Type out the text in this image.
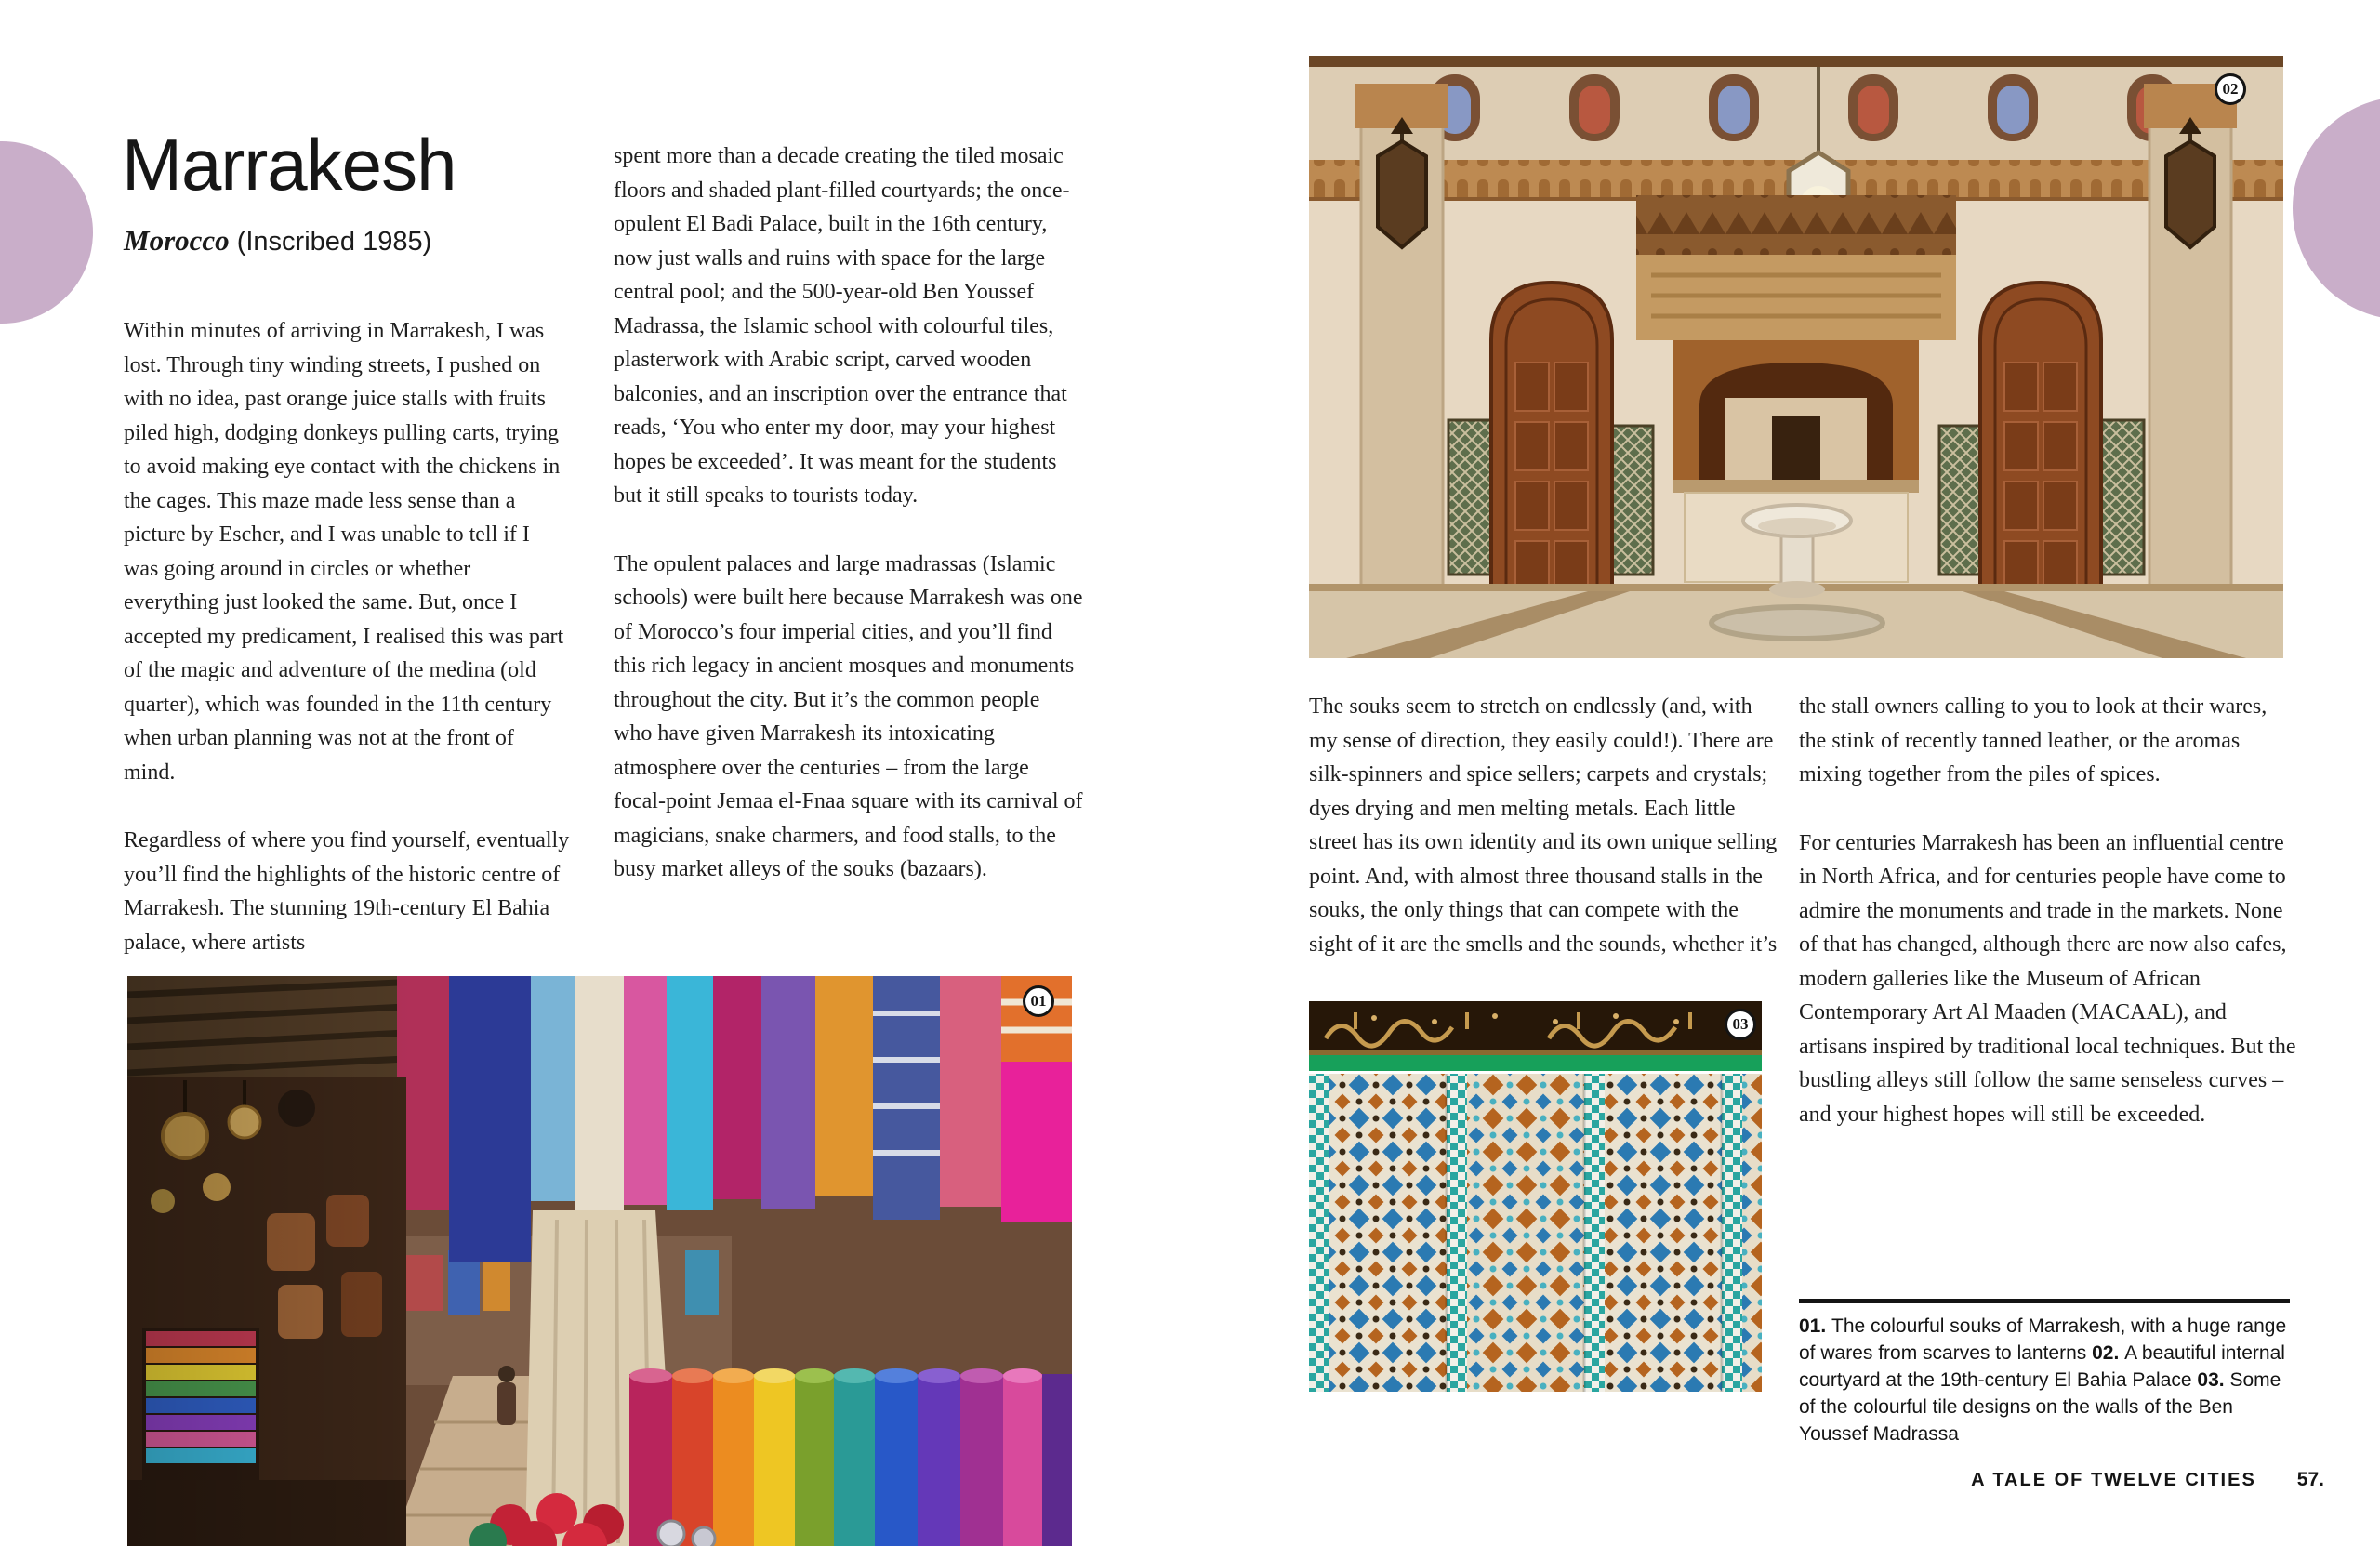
Marrakesh

Morocco (Inscribed 1985)

Within minutes of arriving in Marrakesh, I was lost. Through tiny winding streets, I pushed on with no idea, past orange juice stalls with fruits piled high, dodging donkeys pulling carts, trying to avoid making eye contact with the chickens in the cages. This maze made less sense than a picture by Escher, and I was unable to tell if I was going around in circles or whether everything just looked the same. But, once I accepted my predicament, I realised this was part of the magic and adventure of the medina (old quarter), which was founded in the 11th century when urban planning was not at the front of mind.

Regardless of where you find yourself, eventually you’ll find the highlights of the historic centre of Marrakesh. The stunning 19th-century El Bahia palace, where artists

spent more than a decade creating the tiled mosaic floors and shaded plant-filled courtyards; the once-opulent El Badi Palace, built in the 16th century, now just walls and ruins with space for the large central pool; and the 500-year-old Ben Youssef Madrassa, the Islamic school with colourful tiles, plasterwork with Arabic script, carved wooden balconies, and an inscription over the entrance that reads, ‘You who enter my door, may your highest hopes be exceeded’. It was meant for the students but it still speaks to tourists today.

The opulent palaces and large madrassas (Islamic schools) were built here because Marrakesh was one of Morocco’s four imperial cities, and you’ll find this rich legacy in ancient mosques and monuments throughout the city. But it’s the common people who have given Marrakesh its intoxicating atmosphere over the centuries – from the large focal-point Jemaa el-Fnaa square with its carnival of magicians, snake charmers, and food stalls, to the busy market alleys of the souks (bazaars).

01
02

The souks seem to stretch on endlessly (and, with my sense of direction, they easily could!). There are silk-spinners and spice sellers; carpets and crystals; dyes drying and men melting metals. Each little street has its own identity and its own unique selling point. And, with almost three thousand stalls in the souks, the only things that can compete with the sight of it are the smells and the sounds, whether it’s

the stall owners calling to you to look at their wares, the stink of recently tanned leather, or the aromas mixing together from the piles of spices.

For centuries Marrakesh has been an influential centre in North Africa, and for centuries people have come to admire the monuments and trade in the markets. None of that has changed, although there are now also cafes, modern galleries like the Museum of African Contemporary Art Al Maaden (MACAAL), and artisans inspired by traditional local techniques. But the bustling alleys still follow the same senseless curves – and your highest hopes will still be exceeded.

03

01. The colourful souks of Marrakesh, with a huge range of wares from scarves to lanterns 02. A beautiful internal courtyard at the 19th-century El Bahia Palace 03. Some of the colourful tile designs on the walls of the Ben Youssef Madrassa

A TALE OF TWELVE CITIES 57.
